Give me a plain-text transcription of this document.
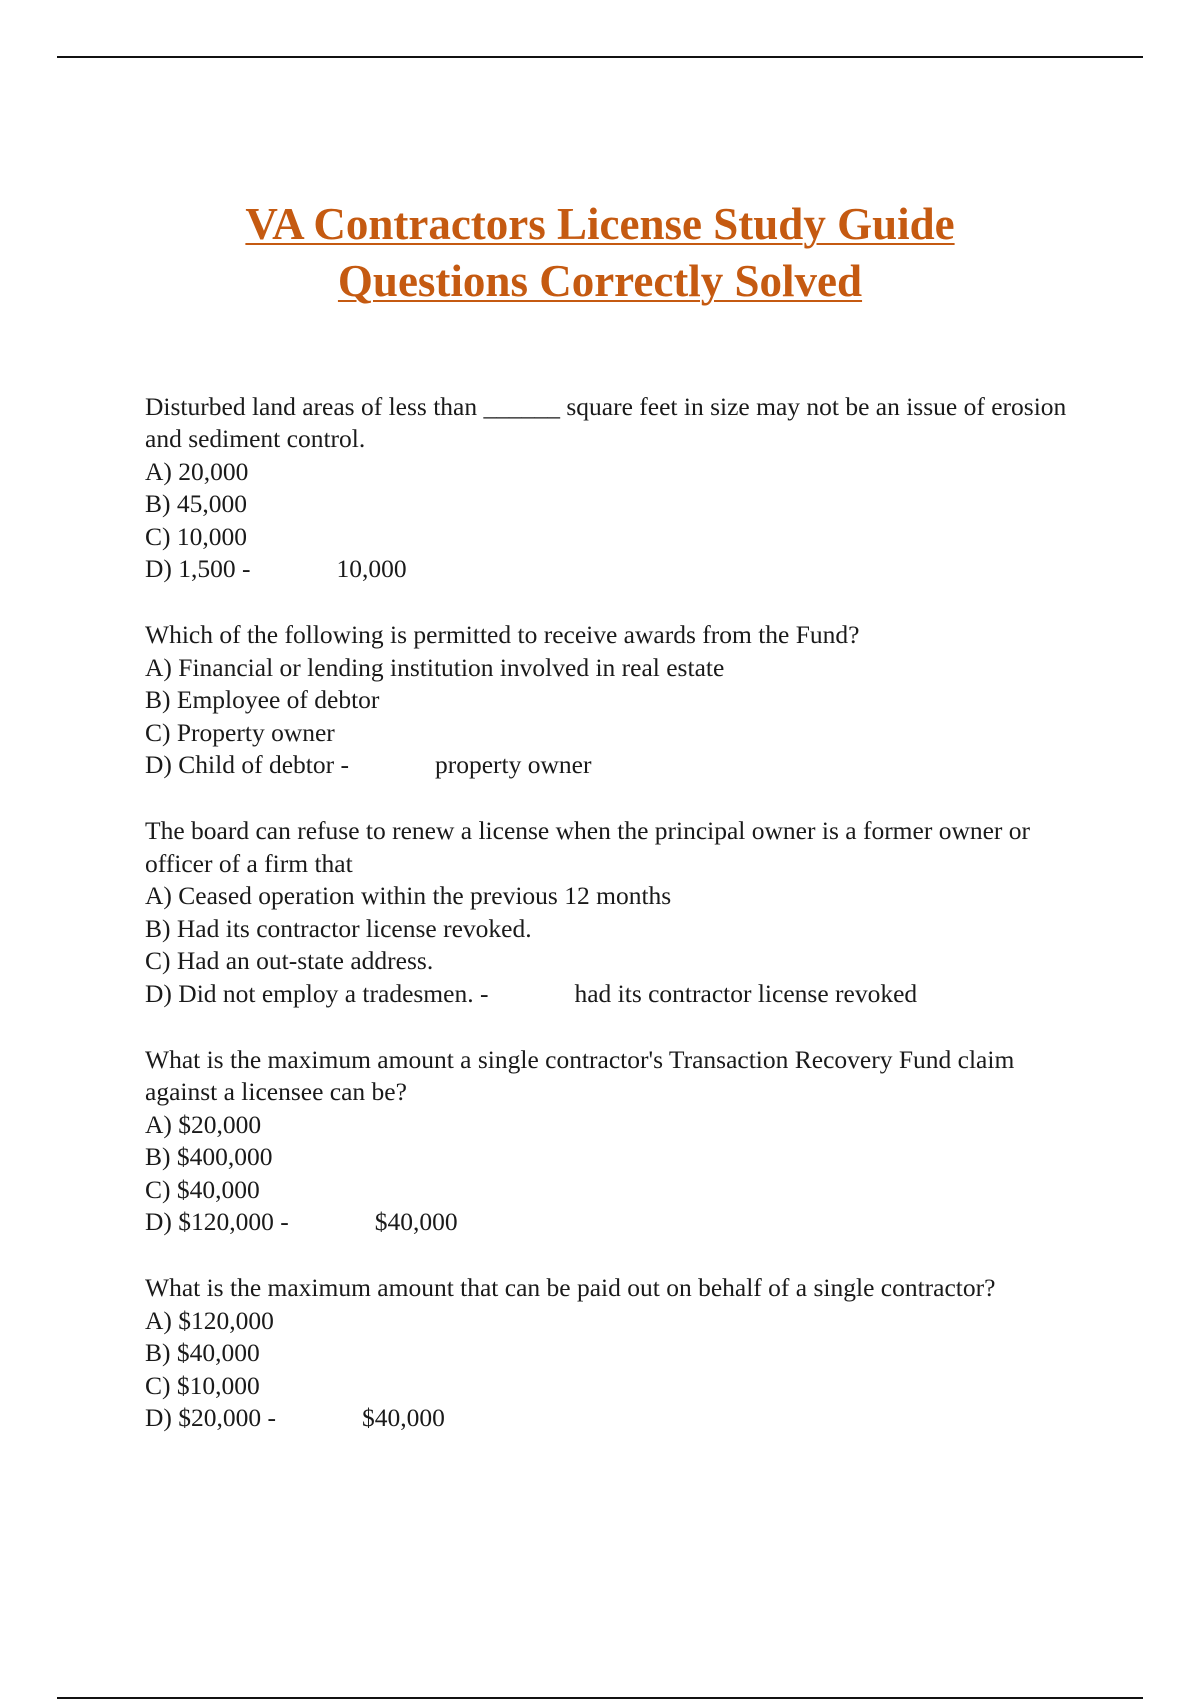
VA Contractors License Study Guide
Questions Correctly Solved
Disturbed land areas of less than ______ square feet in size may not be an issue of erosion and sediment control.
A) 20,000
B) 45,000
C) 10,000
D) 1,500 -	10,000
Which of the following is permitted to receive awards from the Fund?
A) Financial or lending institution involved in real estate
B) Employee of debtor
C) Property owner
D) Child of debtor -	property owner
The board can refuse to renew a license when the principal owner is a former owner or officer of a firm that
A) Ceased operation within the previous 12 months
B) Had its contractor license revoked.
C) Had an out-state address.
D) Did not employ a tradesmen. -	had its contractor license revoked
What is the maximum amount a single contractor's Transaction Recovery Fund claim against a licensee can be?
A) $20,000
B) $400,000
C) $40,000
D) $120,000 -	$40,000
What is the maximum amount that can be paid out on behalf of a single contractor?
A) $120,000
B) $40,000
C) $10,000
D) $20,000 -	$40,000
